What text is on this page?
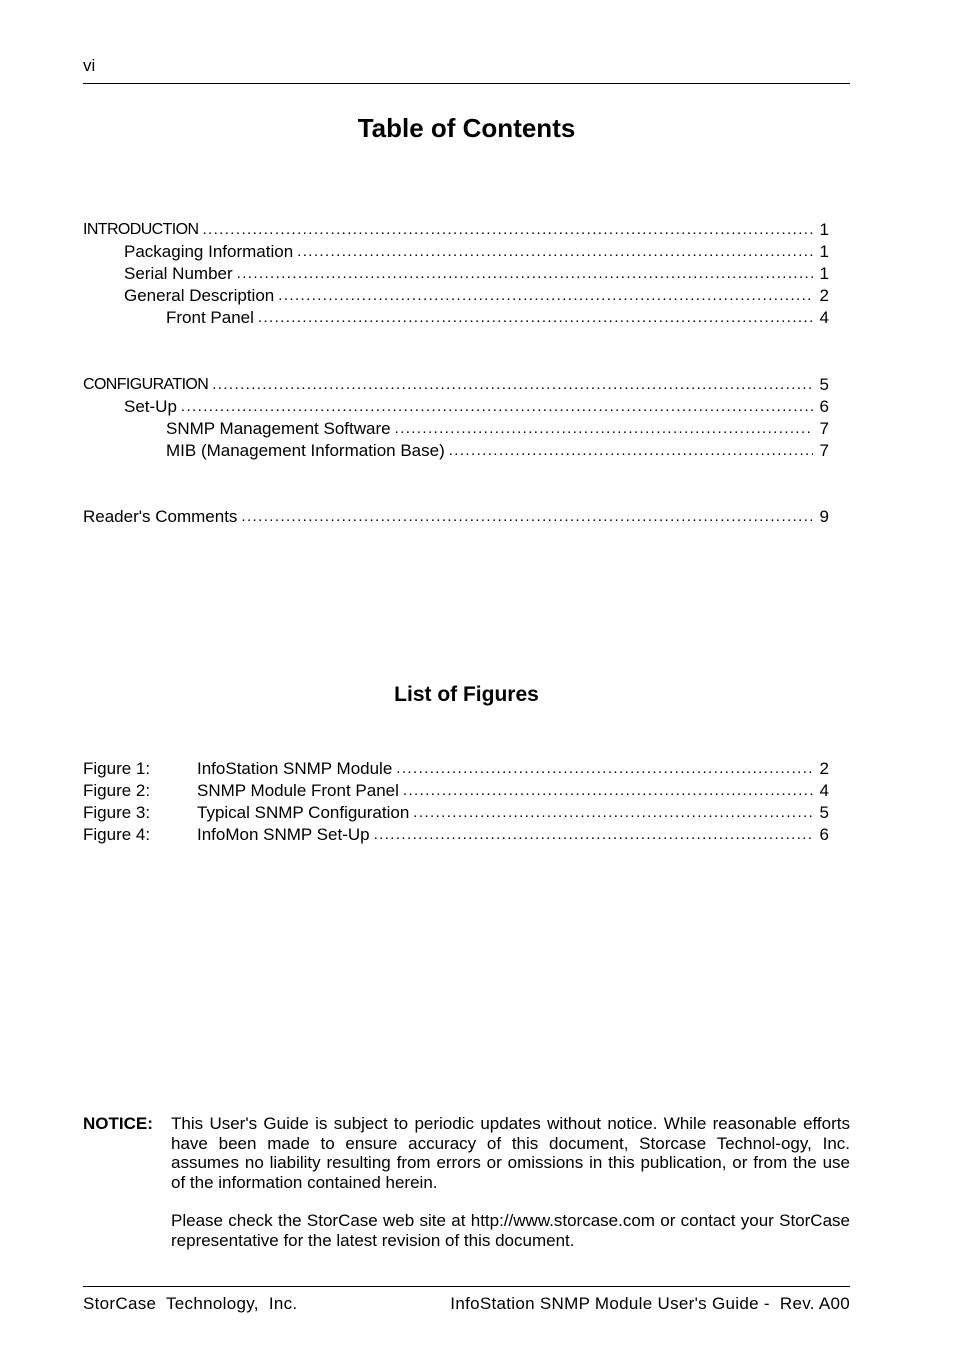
vi
Table of Contents
INTRODUCTION .....	1
Packaging Information .....	1
Serial Number .....	1
General Description .....	2
Front Panel .....	4
CONFIGURATION .....	5
Set-Up .....	6
SNMP Management Software .....	7
MIB (Management Information Base) .....	7
Reader's Comments .....	9
List of Figures
Figure 1:	InfoStation SNMP Module .....	2
Figure 2:	SNMP Module Front Panel .....	4
Figure 3:	Typical SNMP Configuration .....	5
Figure 4:	InfoMon SNMP Set-Up .....	6
NOTICE: This User's Guide is subject to periodic updates without notice. While reasonable efforts have been made to ensure accuracy of this document, Storcase Technol-ogy, Inc. assumes no liability resulting from errors or omissions in this publication, or from the use of the information contained herein.

Please check the StorCase web site at http://www.storcase.com or contact your StorCase representative for the latest revision of this document.

StorCase  Technology,  Inc.	InfoStation SNMP Module User's Guide -  Rev. A00
